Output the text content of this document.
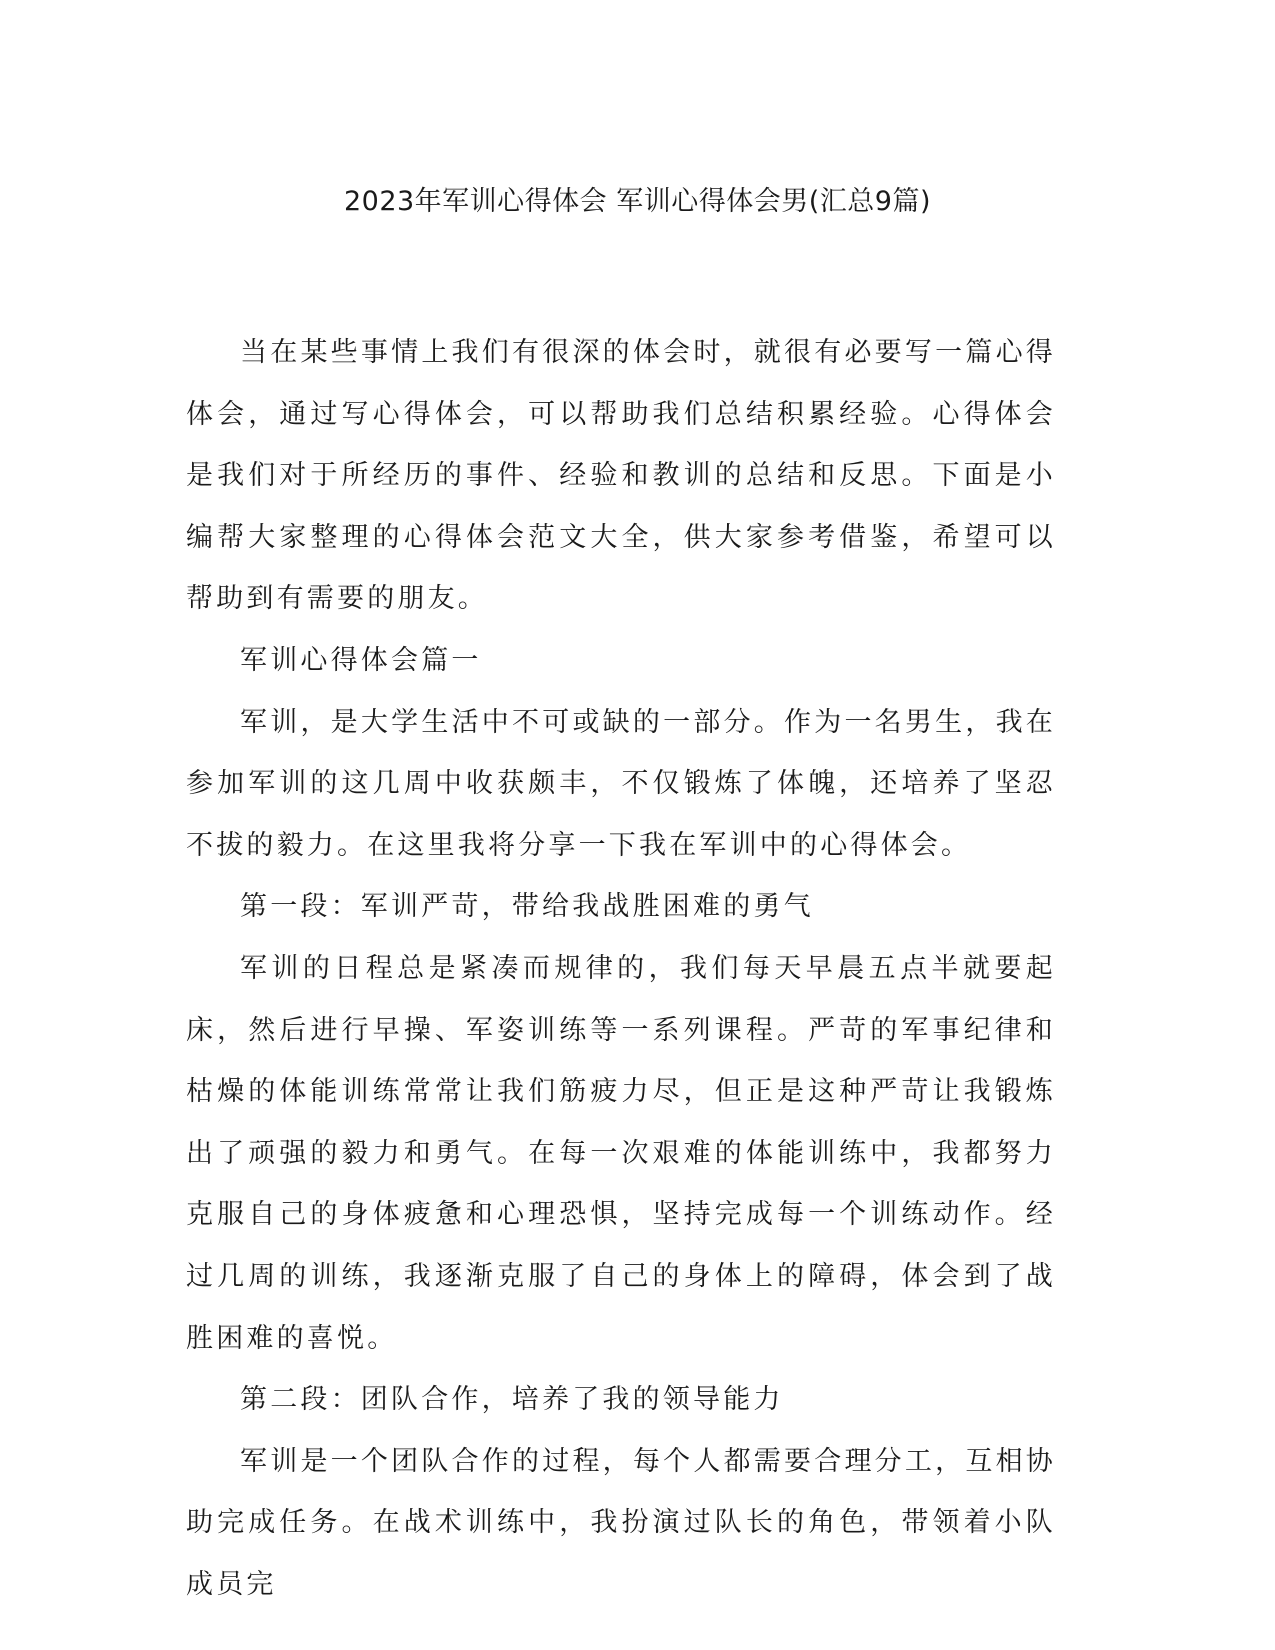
2023年军训心得体会 军训心得体会男(汇总9篇)

当在某些事情上我们有很深的体会时，就很有必要写一篇心得体会，通过写心得体会，可以帮助我们总结积累经验。心得体会是我们对于所经历的事件、经验和教训的总结和反思。下面是小编帮大家整理的心得体会范文大全，供大家参考借鉴，希望可以帮助到有需要的朋友。

军训心得体会篇一

军训，是大学生活中不可或缺的一部分。作为一名男生，我在参加军训的这几周中收获颇丰，不仅锻炼了体魄，还培养了坚忍不拔的毅力。在这里我将分享一下我在军训中的心得体会。

第一段：军训严苛，带给我战胜困难的勇气

军训的日程总是紧凑而规律的，我们每天早晨五点半就要起床，然后进行早操、军姿训练等一系列课程。严苛的军事纪律和枯燥的体能训练常常让我们筋疲力尽，但正是这种严苛让我锻炼出了顽强的毅力和勇气。在每一次艰难的体能训练中，我都努力克服自己的身体疲惫和心理恐惧，坚持完成每一个训练动作。经过几周的训练，我逐渐克服了自己的身体上的障碍，体会到了战胜困难的喜悦。

第二段：团队合作，培养了我的领导能力

军训是一个团队合作的过程，每个人都需要合理分工，互相协助完成任务。在战术训练中，我扮演过队长的角色，带领着小队成员完
